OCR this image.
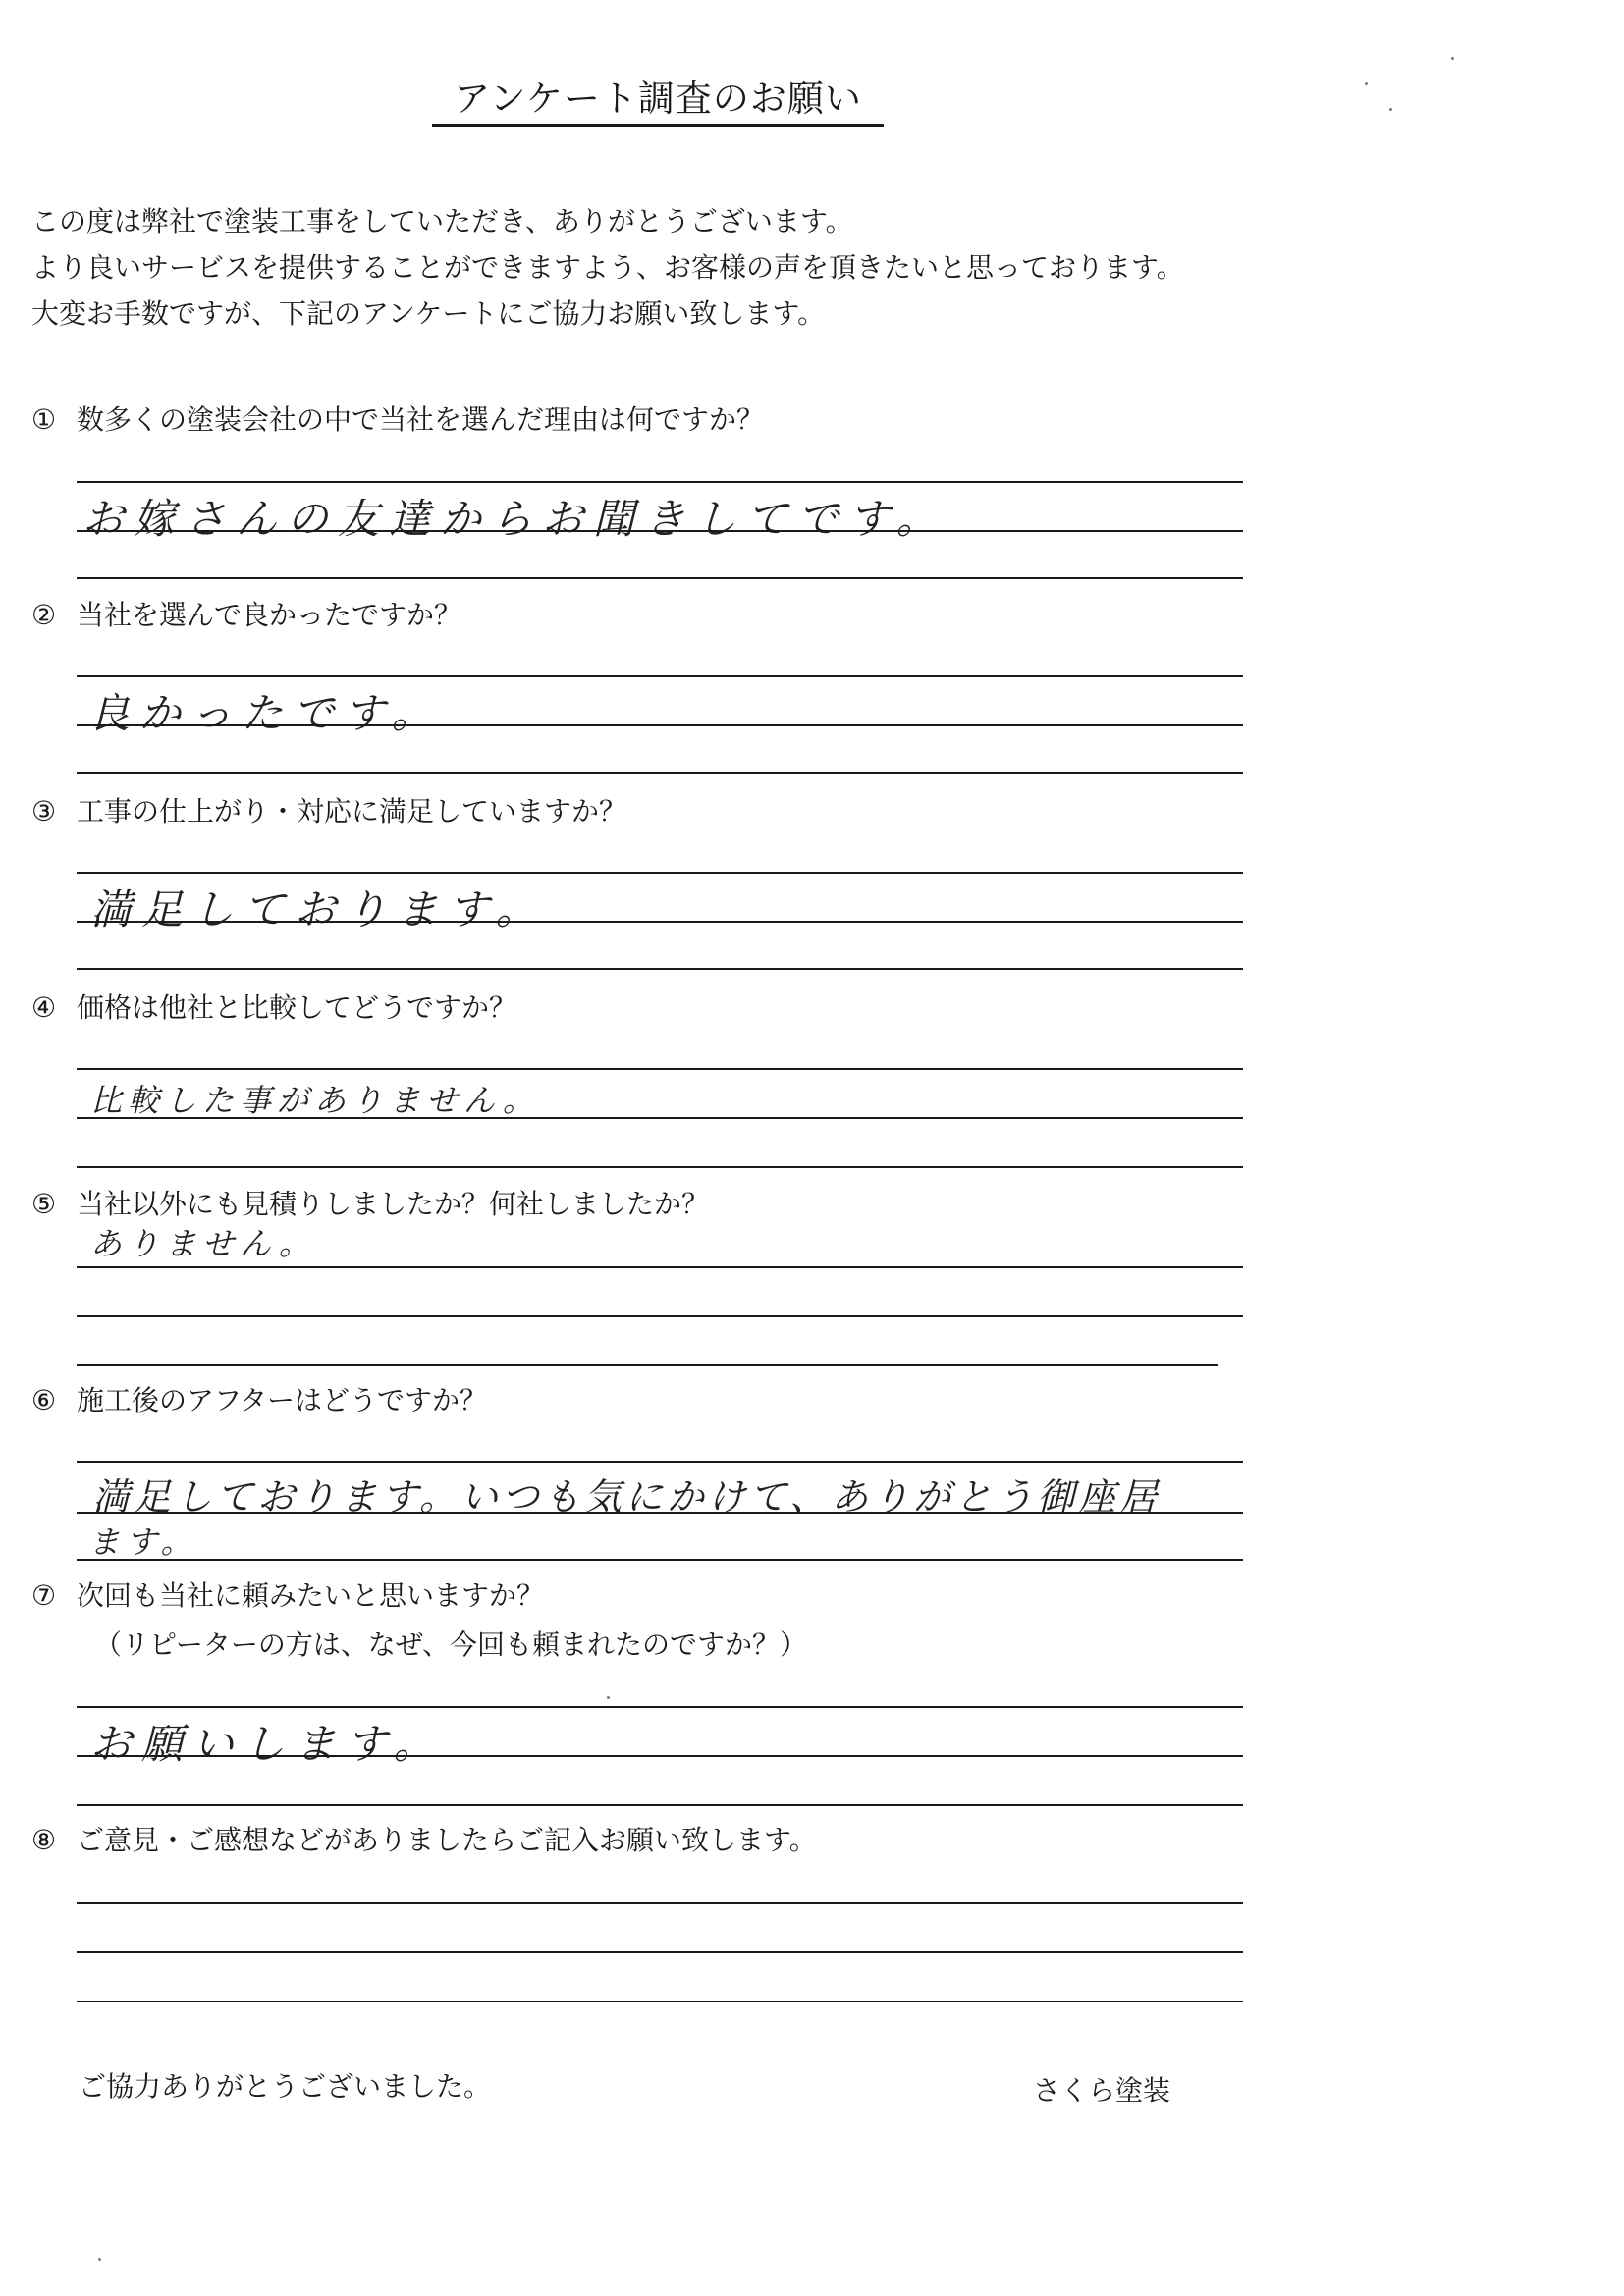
アンケート調査のお願い
この度は弊社で塗装工事をしていただき、ありがとうございます。
より良いサービスを提供することができますよう、お客様の声を頂きたいと思っております。
大変お手数ですが、下記のアンケートにご協力お願い致します。
① 数多くの塗装会社の中で当社を選んだ理由は何ですか？
お嫁さんの友達からお聞きしてです。
② 当社を選んで良かったですか？
良かったです。
③ 工事の仕上がり・対応に満足していますか？
満足しております。
④ 価格は他社と比較してどうですか？
比較した事がありません。
⑤ 当社以外にも見積りしましたか？何社しましたか？
ありません。
⑥ 施工後のアフターはどうですか？
満足しております。いつも気にかけて、ありがとう御座居
ます。
⑦ 次回も当社に頼みたいと思いますか？
（リピーターの方は、なぜ、今回も頼まれたのですか？）
お願いします。
⑧ ご意見・ご感想などがありましたらご記入お願い致します。
ご協力ありがとうございました。	さくら塗装
